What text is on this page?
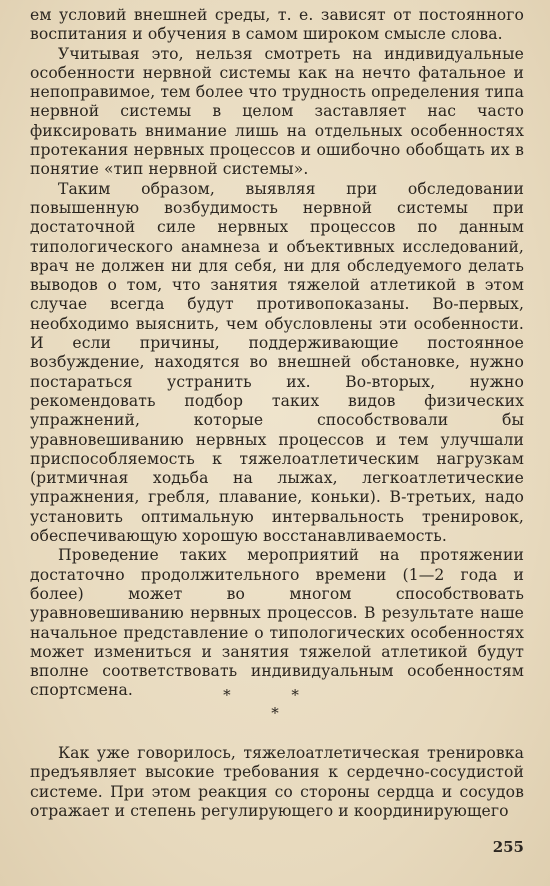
ем условий внешней среды, т. е. зависят от постоянного воспитания и обучения в самом широком смысле слова.

Учитывая это, нельзя смотреть на индивидуальные особенности нервной системы как на нечто фатальное и непоправимое, тем более что трудность определения типа нервной системы в целом заставляет нас часто фиксировать внимание лишь на отдельных особенностях протекания нервных процессов и ошибочно обобщать их в понятие «тип нервной системы».

Таким образом, выявляя при обследовании повышенную возбудимость нервной системы при достаточной силе нервных процессов по данным типологического анамнеза и объективных исследований, врач не должен ни для себя, ни для обследуемого делать выводов о том, что занятия тяжелой атлетикой в этом случае всегда будут противопоказаны. Во-первых, необходимо выяснить, чем обусловлены эти особенности. И если причины, поддерживающие постоянное возбуждение, находятся во внешней обстановке, нужно постараться устранить их. Во-вторых, нужно рекомендовать подбор таких видов физических упражнений, которые способствовали бы уравновешиванию нервных процессов и тем улучшали приспособляемость к тяжелоатлетическим нагрузкам (ритмичная ходьба на лыжах, легкоатлетические упражнения, гребля, плавание, коньки). В-третьих, надо установить оптимальную интервальность тренировок, обеспечивающую хорошую восстанавливаемость.

Проведение таких мероприятий на протяжении достаточно продолжительного времени (1—2 года и более) может во многом способствовать уравновешиванию нервных процессов. В результате наше начальное представление о типологических особенностях может измениться и занятия тяжелой атлетикой будут вполне соответствовать индивидуальным особенностям спортсмена.	* *
*

Как уже говорилось, тяжелоатлетическая тренировка предъявляет высокие требования к сердечно-сосудистой системе. При этом реакция со стороны сердца и сосудов отражает и степень регулирующего и координирующего

255
